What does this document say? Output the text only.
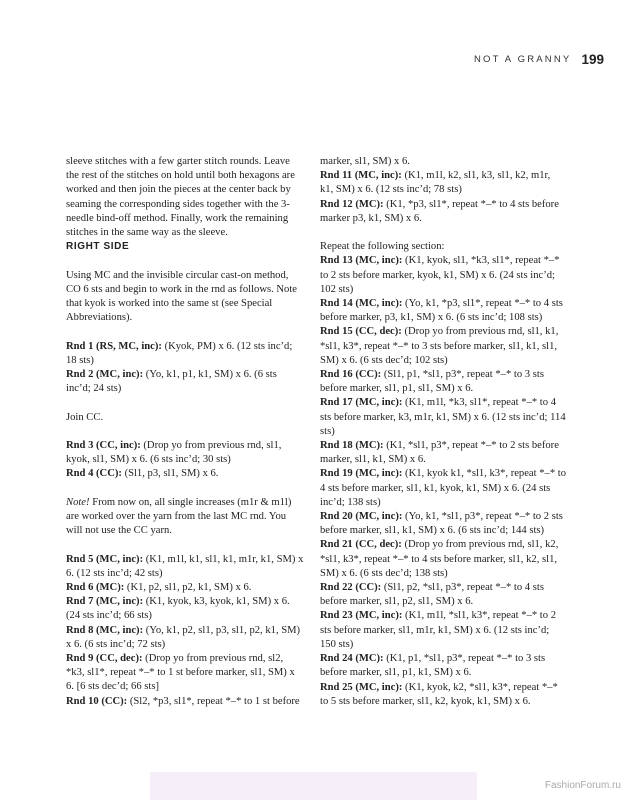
NOT A GRANNY 199

sleeve stitches with a few garter stitch rounds. Leave the rest of the stitches on hold until both hexagons are worked and then join the pieces at the center back by seaming the corresponding sides together with the 3-needle bind-off method. Finally, work the remaining stitches in the same way as the sleeve.

RIGHT SIDE

Using MC and the invisible circular cast-on method, CO 6 sts and begin to work in the rnd as follows. Note that kyok is worked into the same st (see Special Abbreviations).

Rnd 1 (RS, MC, inc): (Kyok, PM) x 6. (12 sts inc’d; 18 sts)

Rnd 2 (MC, inc): (Yo, k1, p1, k1, SM) x 6. (6 sts inc’d; 24 sts)

Join CC.

Rnd 3 (CC, inc): (Drop yo from previous rnd, sl1, kyok, sl1, SM) x 6. (6 sts inc’d; 30 sts)

Rnd 4 (CC): (Sl1, p3, sl1, SM) x 6.

Note! From now on, all single increases (m1r & m1l) are worked over the yarn from the last MC rnd. You will not use the CC yarn.

Rnd 5 (MC, inc): (K1, m1l, k1, sl1, k1, m1r, k1, SM) x 6. (12 sts inc’d; 42 sts)

Rnd 6 (MC): (K1, p2, sl1, p2, k1, SM) x 6.

Rnd 7 (MC, inc): (K1, kyok, k3, kyok, k1, SM) x 6. (24 sts inc’d; 66 sts)

Rnd 8 (MC, inc): (Yo, k1, p2, sl1, p3, sl1, p2, k1, SM) x 6. (6 sts inc’d; 72 sts)

Rnd 9 (CC, dec): (Drop yo from previous rnd, sl2, *k3, sl1*, repeat *–* to 1 st before marker, sl1, SM) x 6. [6 sts dec’d; 66 sts]

Rnd 10 (CC): (Sl2, *p3, sl1*, repeat *–* to 1 st before

marker, sl1, SM) x 6.

Rnd 11 (MC, inc): (K1, m1l, k2, sl1, k3, sl1, k2, m1r, k1, SM) x 6. (12 sts inc’d; 78 sts)

Rnd 12 (MC): (K1, *p3, sl1*, repeat *–* to 4 sts before marker p3, k1, SM) x 6.

Repeat the following section:

Rnd 13 (MC, inc): (K1, kyok, sl1, *k3, sl1*, repeat *–* to 2 sts before marker, kyok, k1, SM) x 6. (24 sts inc’d; 102 sts)

Rnd 14 (MC, inc): (Yo, k1, *p3, sl1*, repeat *–* to 4 sts before marker, p3, k1, SM) x 6. (6 sts inc’d; 108 sts)

Rnd 15 (CC, dec): (Drop yo from previous rnd, sl1, k1, *sl1, k3*, repeat *–* to 3 sts before marker, sl1, k1, sl1, SM) x 6. (6 sts dec’d; 102 sts)

Rnd 16 (CC): (Sl1, p1, *sl1, p3*, repeat *–* to 3 sts before marker, sl1, p1, sl1, SM) x 6.

Rnd 17 (MC, inc): (K1, m1l, *k3, sl1*, repeat *–* to 4 sts before marker, k3, m1r, k1, SM) x 6. (12 sts inc’d; 114 sts)

Rnd 18 (MC): (K1, *sl1, p3*, repeat *–* to 2 sts before marker, sl1, k1, SM) x 6.

Rnd 19 (MC, inc): (K1, kyok k1, *sl1, k3*, repeat *–* to 4 sts before marker, sl1, k1, kyok, k1, SM) x 6. (24 sts inc’d; 138 sts)

Rnd 20 (MC, inc): (Yo, k1, *sl1, p3*, repeat *–* to 2 sts before marker, sl1, k1, SM) x 6. (6 sts inc’d; 144 sts)

Rnd 21 (CC, dec): (Drop yo from previous rnd, sl1, k2, *sl1, k3*, repeat *–* to 4 sts before marker, sl1, k2, sl1, SM) x 6. (6 sts dec’d; 138 sts)

Rnd 22 (CC): (Sl1, p2, *sl1, p3*, repeat *–* to 4 sts before marker, sl1, p2, sl1, SM) x 6.

Rnd 23 (MC, inc): (K1, m1l, *sl1, k3*, repeat *–* to 2 sts before marker, sl1, m1r, k1, SM) x 6. (12 sts inc’d; 150 sts)

Rnd 24 (MC): (K1, p1, *sl1, p3*, repeat *–* to 3 sts before marker, sl1, p1, k1, SM) x 6.

Rnd 25 (MC, inc): (K1, kyok, k2, *sl1, k3*, repeat *–* to 5 sts before marker, sl1, k2, kyok, k1, SM) x 6.

FashionForum.ru
